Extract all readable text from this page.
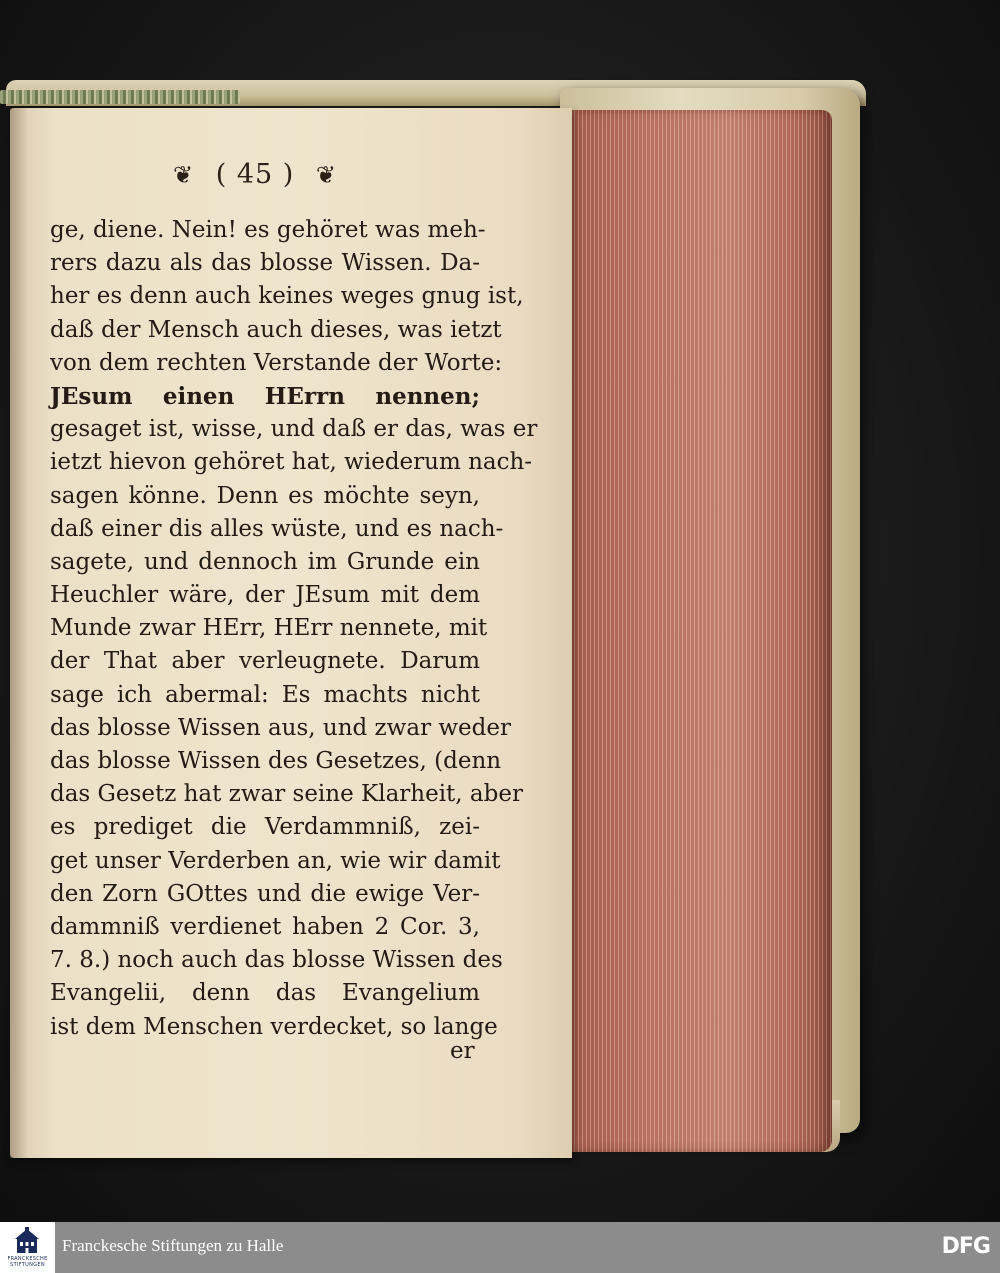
❦ ( 45 ) ❦
ge, diene. Nein! es gehöret was meh-
rers dazu als das blosse Wissen. Da-
her es denn auch keines weges gnug ist,
daß der Mensch auch dieses, was ietzt
von dem rechten Verstande der Worte:
JEsum einen HErrn nennen;
gesaget ist, wisse, und daß er das, was er
ietzt hievon gehöret hat, wiederum nach-
sagen könne. Denn es möchte seyn,
daß einer dis alles wüste, und es nach-
sagete, und dennoch im Grunde ein
Heuchler wäre, der JEsum mit dem
Munde zwar HErr, HErr nennete, mit
der That aber verleugnete. Darum
sage ich abermal: Es machts nicht
das blosse Wissen aus, und zwar weder
das blosse Wissen des Gesetzes, (denn
das Gesetz hat zwar seine Klarheit, aber
es prediget die Verdammniß, zei-
get unser Verderben an, wie wir damit
den Zorn GOttes und die ewige Ver-
dammniß verdienet haben 2 Cor. 3,
7. 8.) noch auch das blosse Wissen des
Evangelii, denn das Evangelium
ist dem Menschen verdecket, so lange
er
FRANCKESCHE STIFTUNGEN
Franckesche Stiftungen zu Halle	DFG
